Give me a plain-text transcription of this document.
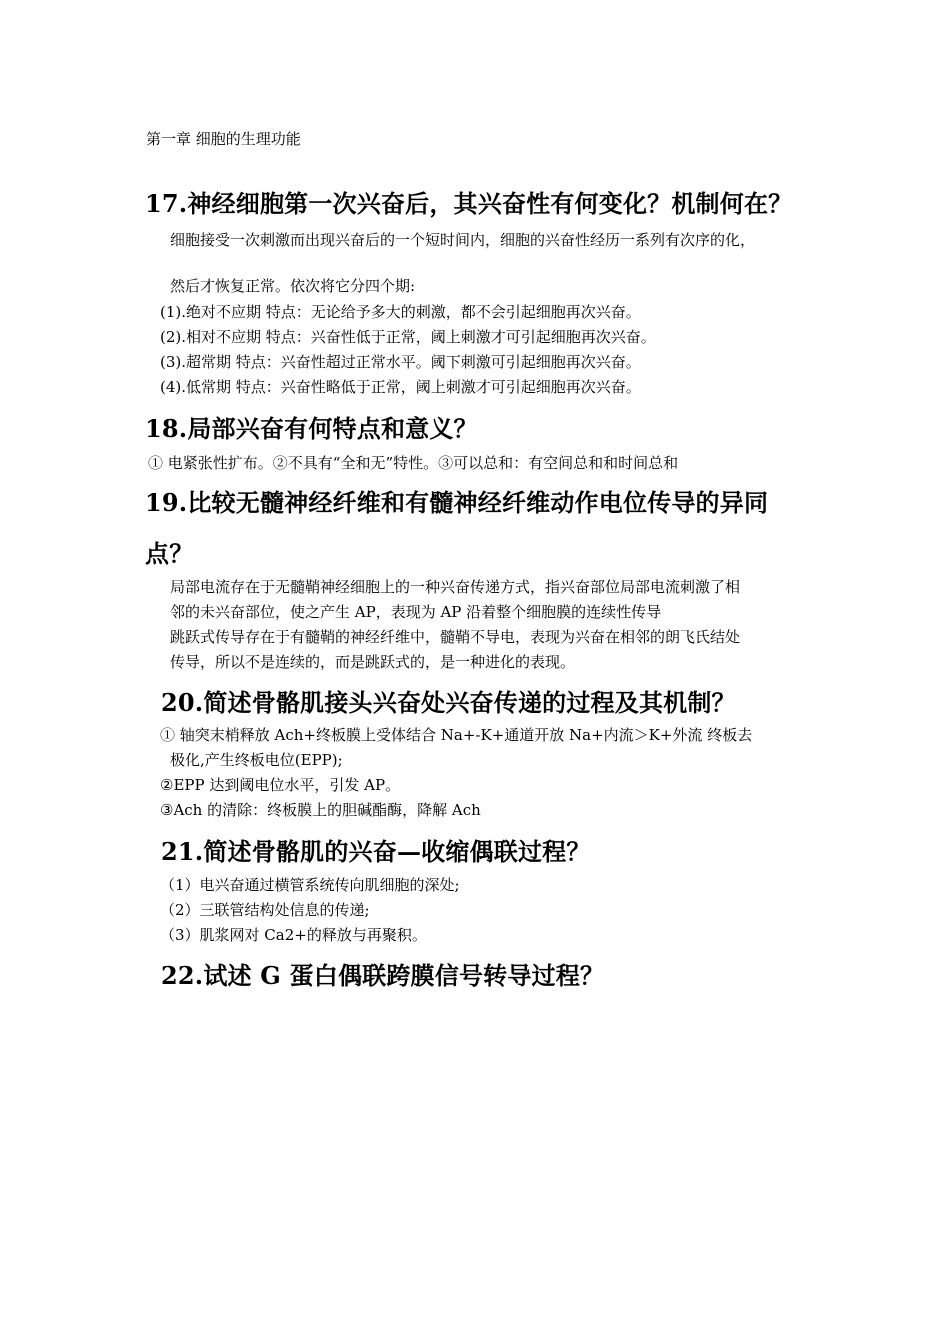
第一章 细胞的生理功能
17.神经细胞第一次兴奋后，其兴奋性有何变化？机制何在？
细胞接受一次刺激而出现兴奋后的一个短时间内，细胞的兴奋性经历一系列有次序的化，
然后才恢复正常。依次将它分四个期:
(1).绝对不应期 特点：无论给予多大的刺激，都不会引起细胞再次兴奋。
(2).相对不应期 特点：兴奋性低于正常，阈上刺激才可引起细胞再次兴奋。
(3).超常期 特点：兴奋性超过正常水平。阈下刺激可引起细胞再次兴奋。
(4).低常期 特点：兴奋性略低于正常，阈上刺激才可引起细胞再次兴奋。
18.局部兴奋有何特点和意义？
① 电紧张性扩布。②不具有“全和无”特性。③可以总和：有空间总和和时间总和
19.比较无髓神经纤维和有髓神经纤维动作电位传导的异同
点？
局部电流存在于无髓鞘神经细胞上的一种兴奋传递方式，指兴奋部位局部电流刺激了相
邻的未兴奋部位，使之产生 AP，表现为 AP 沿着整个细胞膜的连续性传导
跳跃式传导存在于有髓鞘的神经纤维中，髓鞘不导电，表现为兴奋在相邻的朗飞氏结处
传导，所以不是连续的，而是跳跃式的，是一种进化的表现。
20.简述骨骼肌接头兴奋处兴奋传递的过程及其机制？
① 轴突末梢释放 Ach+终板膜上受体结合 Na+-K+通道开放 Na+内流＞K+外流 终板去
极化,产生终板电位(EPP);
②EPP 达到阈电位水平，引发 AP。
③Ach 的清除：终板膜上的胆碱酯酶，降解 Ach
21.简述骨骼肌的兴奋—收缩偶联过程？
（1）电兴奋通过横管系统传向肌细胞的深处;
（2）三联管结构处信息的传递;
（3）肌浆网对 Ca2+的释放与再聚积。
22.试述 G 蛋白偶联跨膜信号转导过程？
